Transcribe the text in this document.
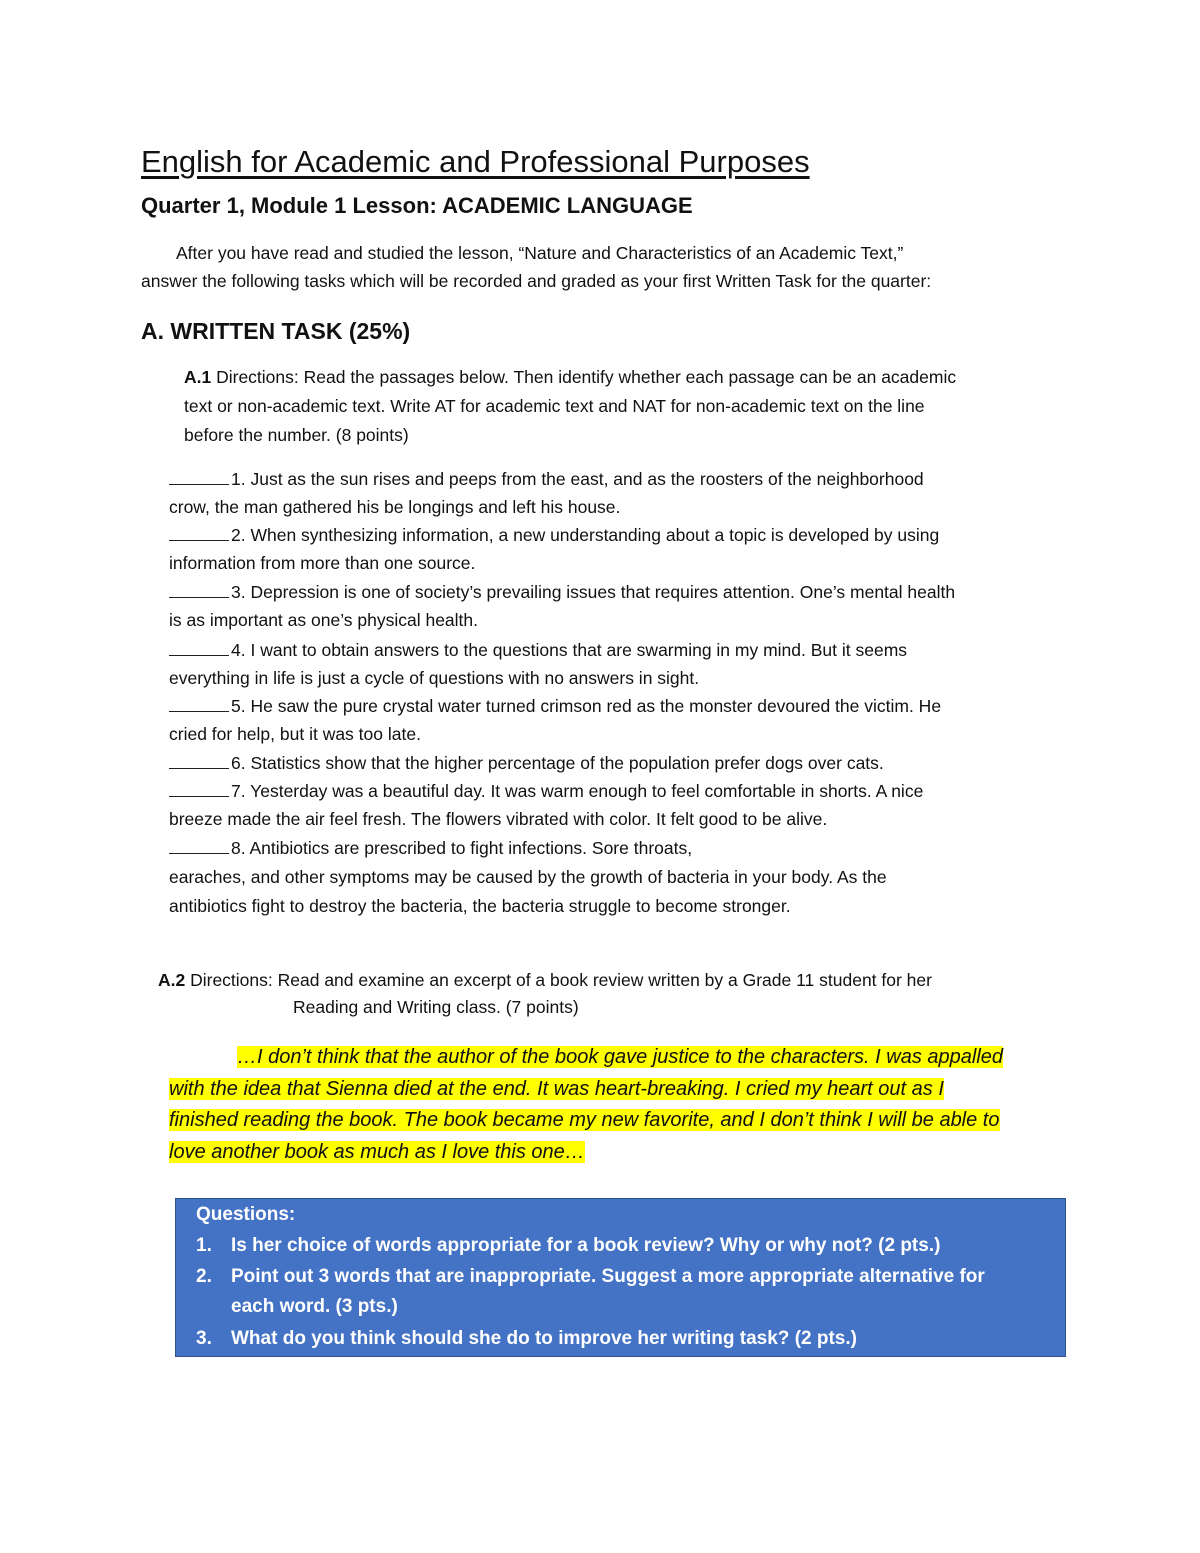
English for Academic and Professional Purposes
Quarter 1, Module 1 Lesson: ACADEMIC LANGUAGE
After you have read and studied the lesson, “Nature and Characteristics of an Academic Text,”
answer the following tasks which will be recorded and graded as your first Written Task for the quarter:
A. WRITTEN TASK (25%)
A.1 Directions: Read the passages below. Then identify whether each passage can be an academic
text or non-academic text. Write AT for academic text and NAT for non-academic text on the line
before the number. (8 points)
1. Just as the sun rises and peeps from the east, and as the roosters of the neighborhood
crow, the man gathered his be longings and left his house.
2. When synthesizing information, a new understanding about a topic is developed by using
information from more than one source.
3. Depression is one of society’s prevailing issues that requires attention. One’s mental health
is as important as one’s physical health.
4. I want to obtain answers to the questions that are swarming in my mind. But it seems
everything in life is just a cycle of questions with no answers in sight.
5. He saw the pure crystal water turned crimson red as the monster devoured the victim. He
cried for help, but it was too late.
6. Statistics show that the higher percentage of the population prefer dogs over cats.
7. Yesterday was a beautiful day. It was warm enough to feel comfortable in shorts. A nice
breeze made the air feel fresh. The flowers vibrated with color. It felt good to be alive.
8. Antibiotics are prescribed to fight infections. Sore throats,
earaches, and other symptoms may be caused by the growth of bacteria in your body. As the
antibiotics fight to destroy the bacteria, the bacteria struggle to become stronger.
A.2 Directions: Read and examine an excerpt of a book review written by a Grade 11 student for her
Reading and Writing class. (7 points)
…I don’t think that the author of the book gave justice to the characters. I was appalled
with the idea that Sienna died at the end. It was heart-breaking. I cried my heart out as I
finished reading the book. The book became my new favorite, and I don’t think I will be able to
love another book as much as I love this one…
Questions:
1. Is her choice of words appropriate for a book review? Why or why not? (2 pts.)
2. Point out 3 words that are inappropriate. Suggest a more appropriate alternative for
each word. (3 pts.)
3. What do you think should she do to improve her writing task? (2 pts.)
